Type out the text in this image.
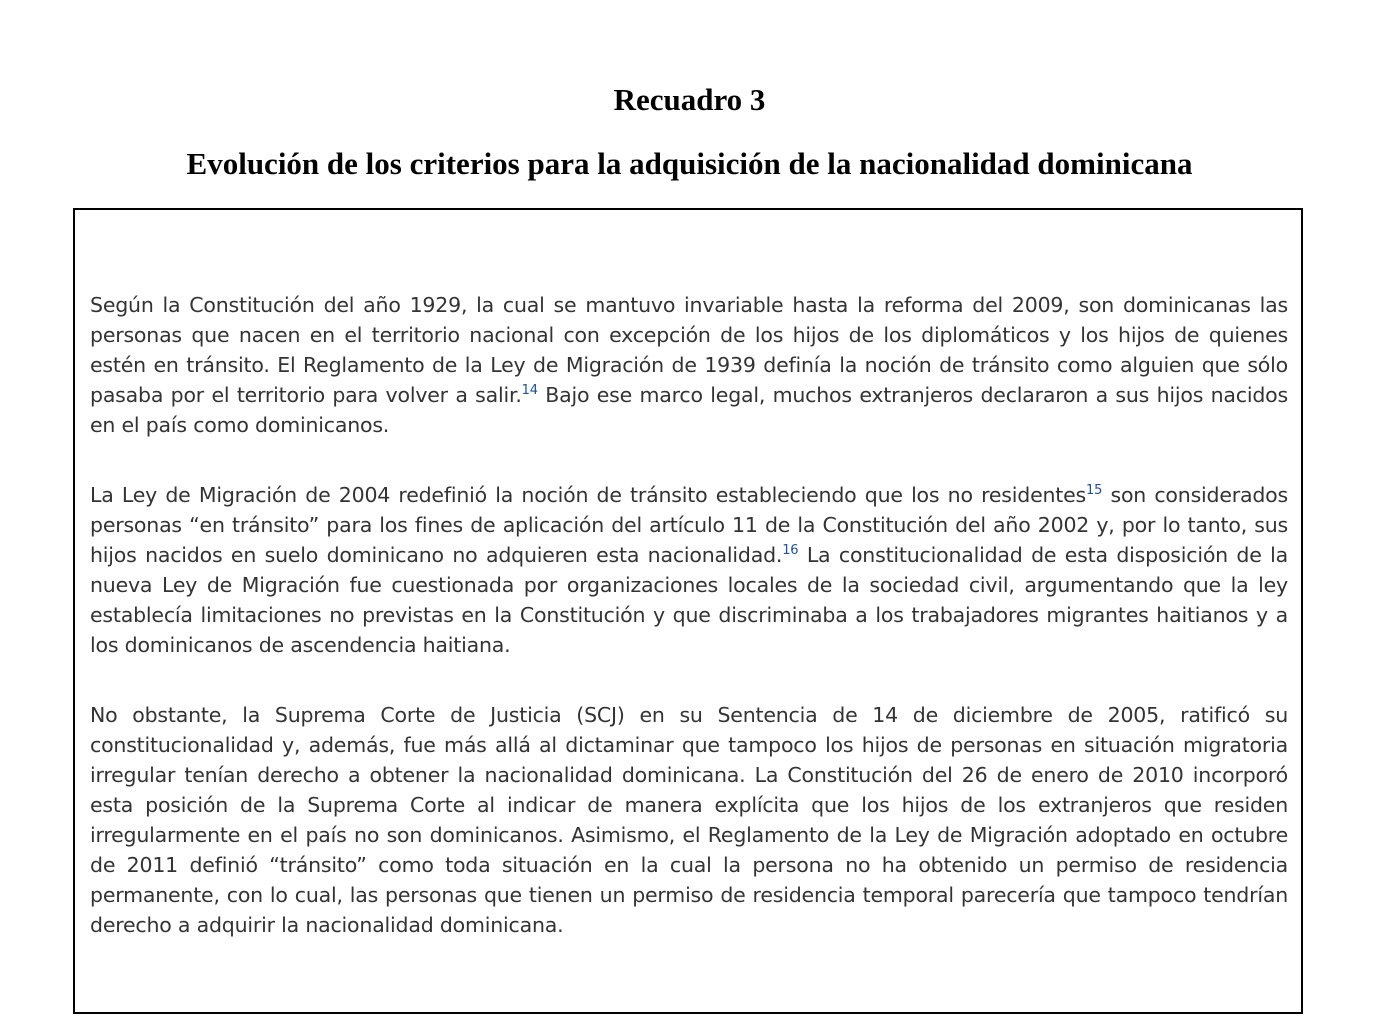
Recuadro 3
Evolución de los criterios para la adquisición de la nacionalidad dominicana

Según la Constitución del año 1929, la cual se mantuvo invariable hasta la reforma del 2009, son dominicanas las personas que nacen en el territorio nacional con excepción de los hijos de los diplomáticos y los hijos de quienes estén en tránsito. El Reglamento de la Ley de Migración de 1939 definía la noción de tránsito como alguien que sólo pasaba por el territorio para volver a salir.$^{14}$ Bajo ese marco legal, muchos extranjeros declararon a sus hijos nacidos en el país como dominicanos.

La Ley de Migración de 2004 redefinió la noción de tránsito estableciendo que los no residentes$^{15}$ son considerados personas “en tránsito” para los fines de aplicación del artículo 11 de la Constitución del año 2002 y, por lo tanto, sus hijos nacidos en suelo dominicano no adquieren esta nacionalidad.$^{16}$ La constitucionalidad de esta disposición de la nueva Ley de Migración fue cuestionada por organizaciones locales de la sociedad civil, argumentando que la ley establecía limitaciones no previstas en la Constitución y que discriminaba a los trabajadores migrantes haitianos y a los dominicanos de ascendencia haitiana.

No obstante, la Suprema Corte de Justicia (SCJ) en su Sentencia de 14 de diciembre de 2005, ratificó su constitucionalidad y, además, fue más allá al dictaminar que tampoco los hijos de personas en situación migratoria irregular tenían derecho a obtener la nacionalidad dominicana. La Constitución del 26 de enero de 2010 incorporó esta posición de la Suprema Corte al indicar de manera explícita que los hijos de los extranjeros que residen irregularmente en el país no son dominicanos. Asimismo, el Reglamento de la Ley de Migración adoptado en octubre de 2011 definió “tránsito” como toda situación en la cual la persona no ha obtenido un permiso de residencia permanente, con lo cual, las personas que tienen un permiso de residencia temporal parecería que tampoco tendrían derecho a adquirir la nacionalidad dominicana.
